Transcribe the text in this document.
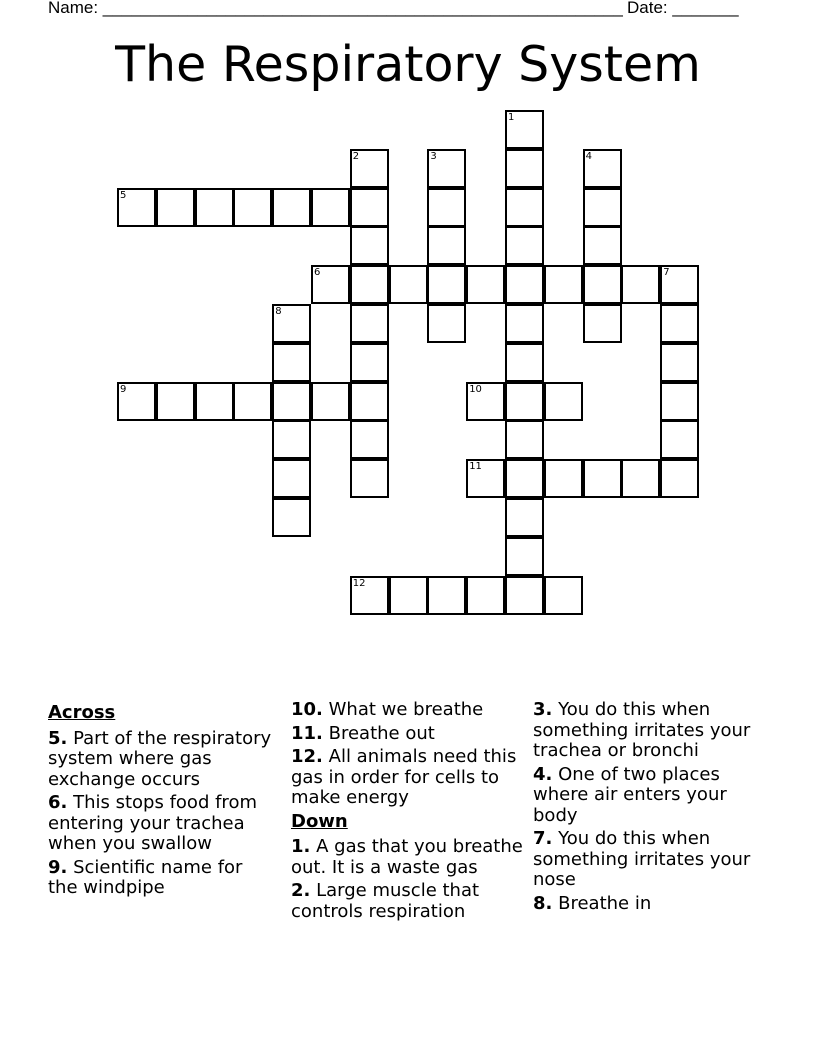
Name: _______________________________________________________ Date: _______
The Respiratory System
5
6	7
9	10
11
12
1
2	3	4
8
Across
5. Part of the respiratory system where gas exchange occurs
6. This stops food from entering your trachea when you swallow
9. Scientific name for the windpipe
10. What we breathe
11. Breathe out
12. All animals need this gas in order for cells to make energy
Down
1. A gas that you breathe out. It is a waste gas
2. Large muscle that controls respiration
3. You do this when something irritates your trachea or bronchi
4. One of two places where air enters your body
7. You do this when something irritates your nose
8. Breathe in
